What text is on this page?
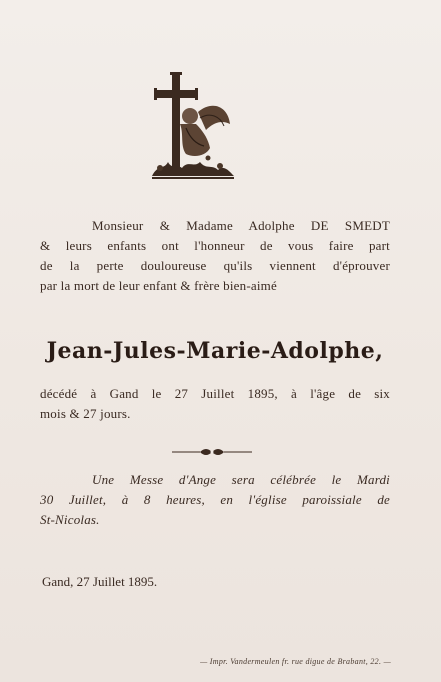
Monsieur & Madame Adolphe DE SMEDT
& leurs enfants ont l'honneur de vous faire part
de la perte douloureuse qu'ils viennent d'éprouver
par la mort de leur enfant & frère bien-aimé
Jean-Jules-Marie-Adolphe,
décédé à Gand le 27 Juillet 1895, à l'âge de six
mois & 27 jours.
Une Messe d'Ange sera célébrée le Mardi
30 Juillet, à 8 heures, en l'église paroissiale de
St-Nicolas.
Gand, 27 Juillet 1895.
— Impr. Vandermeulen fr. rue digue de Brabant, 22. —
